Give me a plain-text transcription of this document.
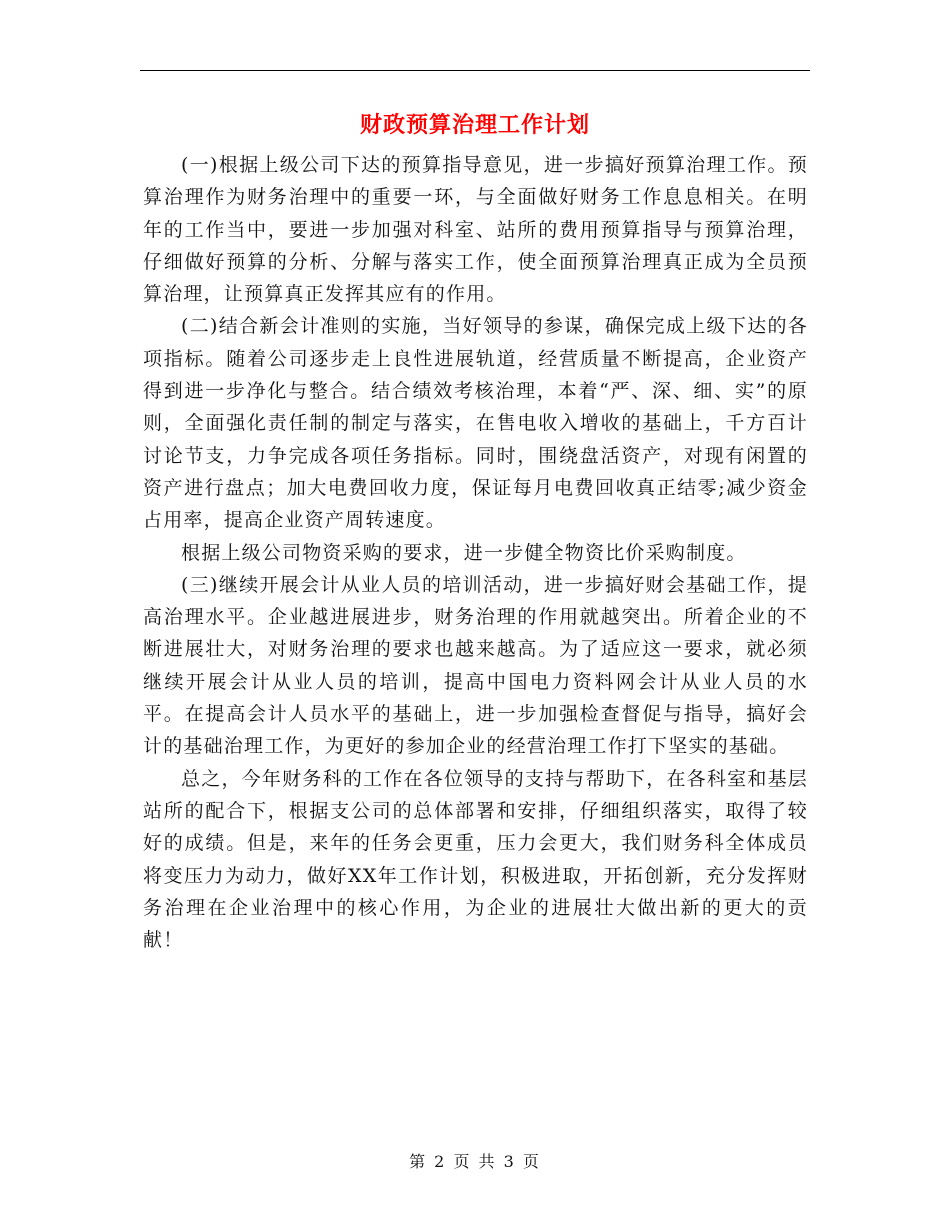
财政预算治理工作计划

(一)根据上级公司下达的预算指导意见，进一步搞好预算治理工作。预算治理作为财务治理中的重要一环，与全面做好财务工作息息相关。在明年的工作当中，要进一步加强对科室、站所的费用预算指导与预算治理，仔细做好预算的分析、分解与落实工作，使全面预算治理真正成为全员预算治理，让预算真正发挥其应有的作用。

(二)结合新会计准则的实施，当好领导的参谋，确保完成上级下达的各项指标。随着公司逐步走上良性进展轨道，经营质量不断提高，企业资产得到进一步净化与整合。结合绩效考核治理，本着“严、深、细、实”的原则，全面强化责任制的制定与落实，在售电收入增收的基础上，千方百计讨论节支，力争完成各项任务指标。同时，围绕盘活资产，对现有闲置的资产进行盘点；加大电费回收力度，保证每月电费回收真正结零;减少资金占用率，提高企业资产周转速度。

根据上级公司物资采购的要求，进一步健全物资比价采购制度。

(三)继续开展会计从业人员的培训活动，进一步搞好财会基础工作，提高治理水平。企业越进展进步，财务治理的作用就越突出。所着企业的不断进展壮大，对财务治理的要求也越来越高。为了适应这一要求，就必须继续开展会计从业人员的培训，提高中国电力资料网会计从业人员的水平。在提高会计人员水平的基础上，进一步加强检查督促与指导，搞好会计的基础治理工作，为更好的参加企业的经营治理工作打下坚实的基础。

总之，今年财务科的工作在各位领导的支持与帮助下，在各科室和基层站所的配合下，根据支公司的总体部署和安排，仔细组织落实，取得了较好的成绩。但是，来年的任务会更重，压力会更大，我们财务科全体成员将变压力为动力，做好XX年工作计划，积极进取，开拓创新，充分发挥财务治理在企业治理中的核心作用，为企业的进展壮大做出新的更大的贡献！

第 2 页 共 3 页
